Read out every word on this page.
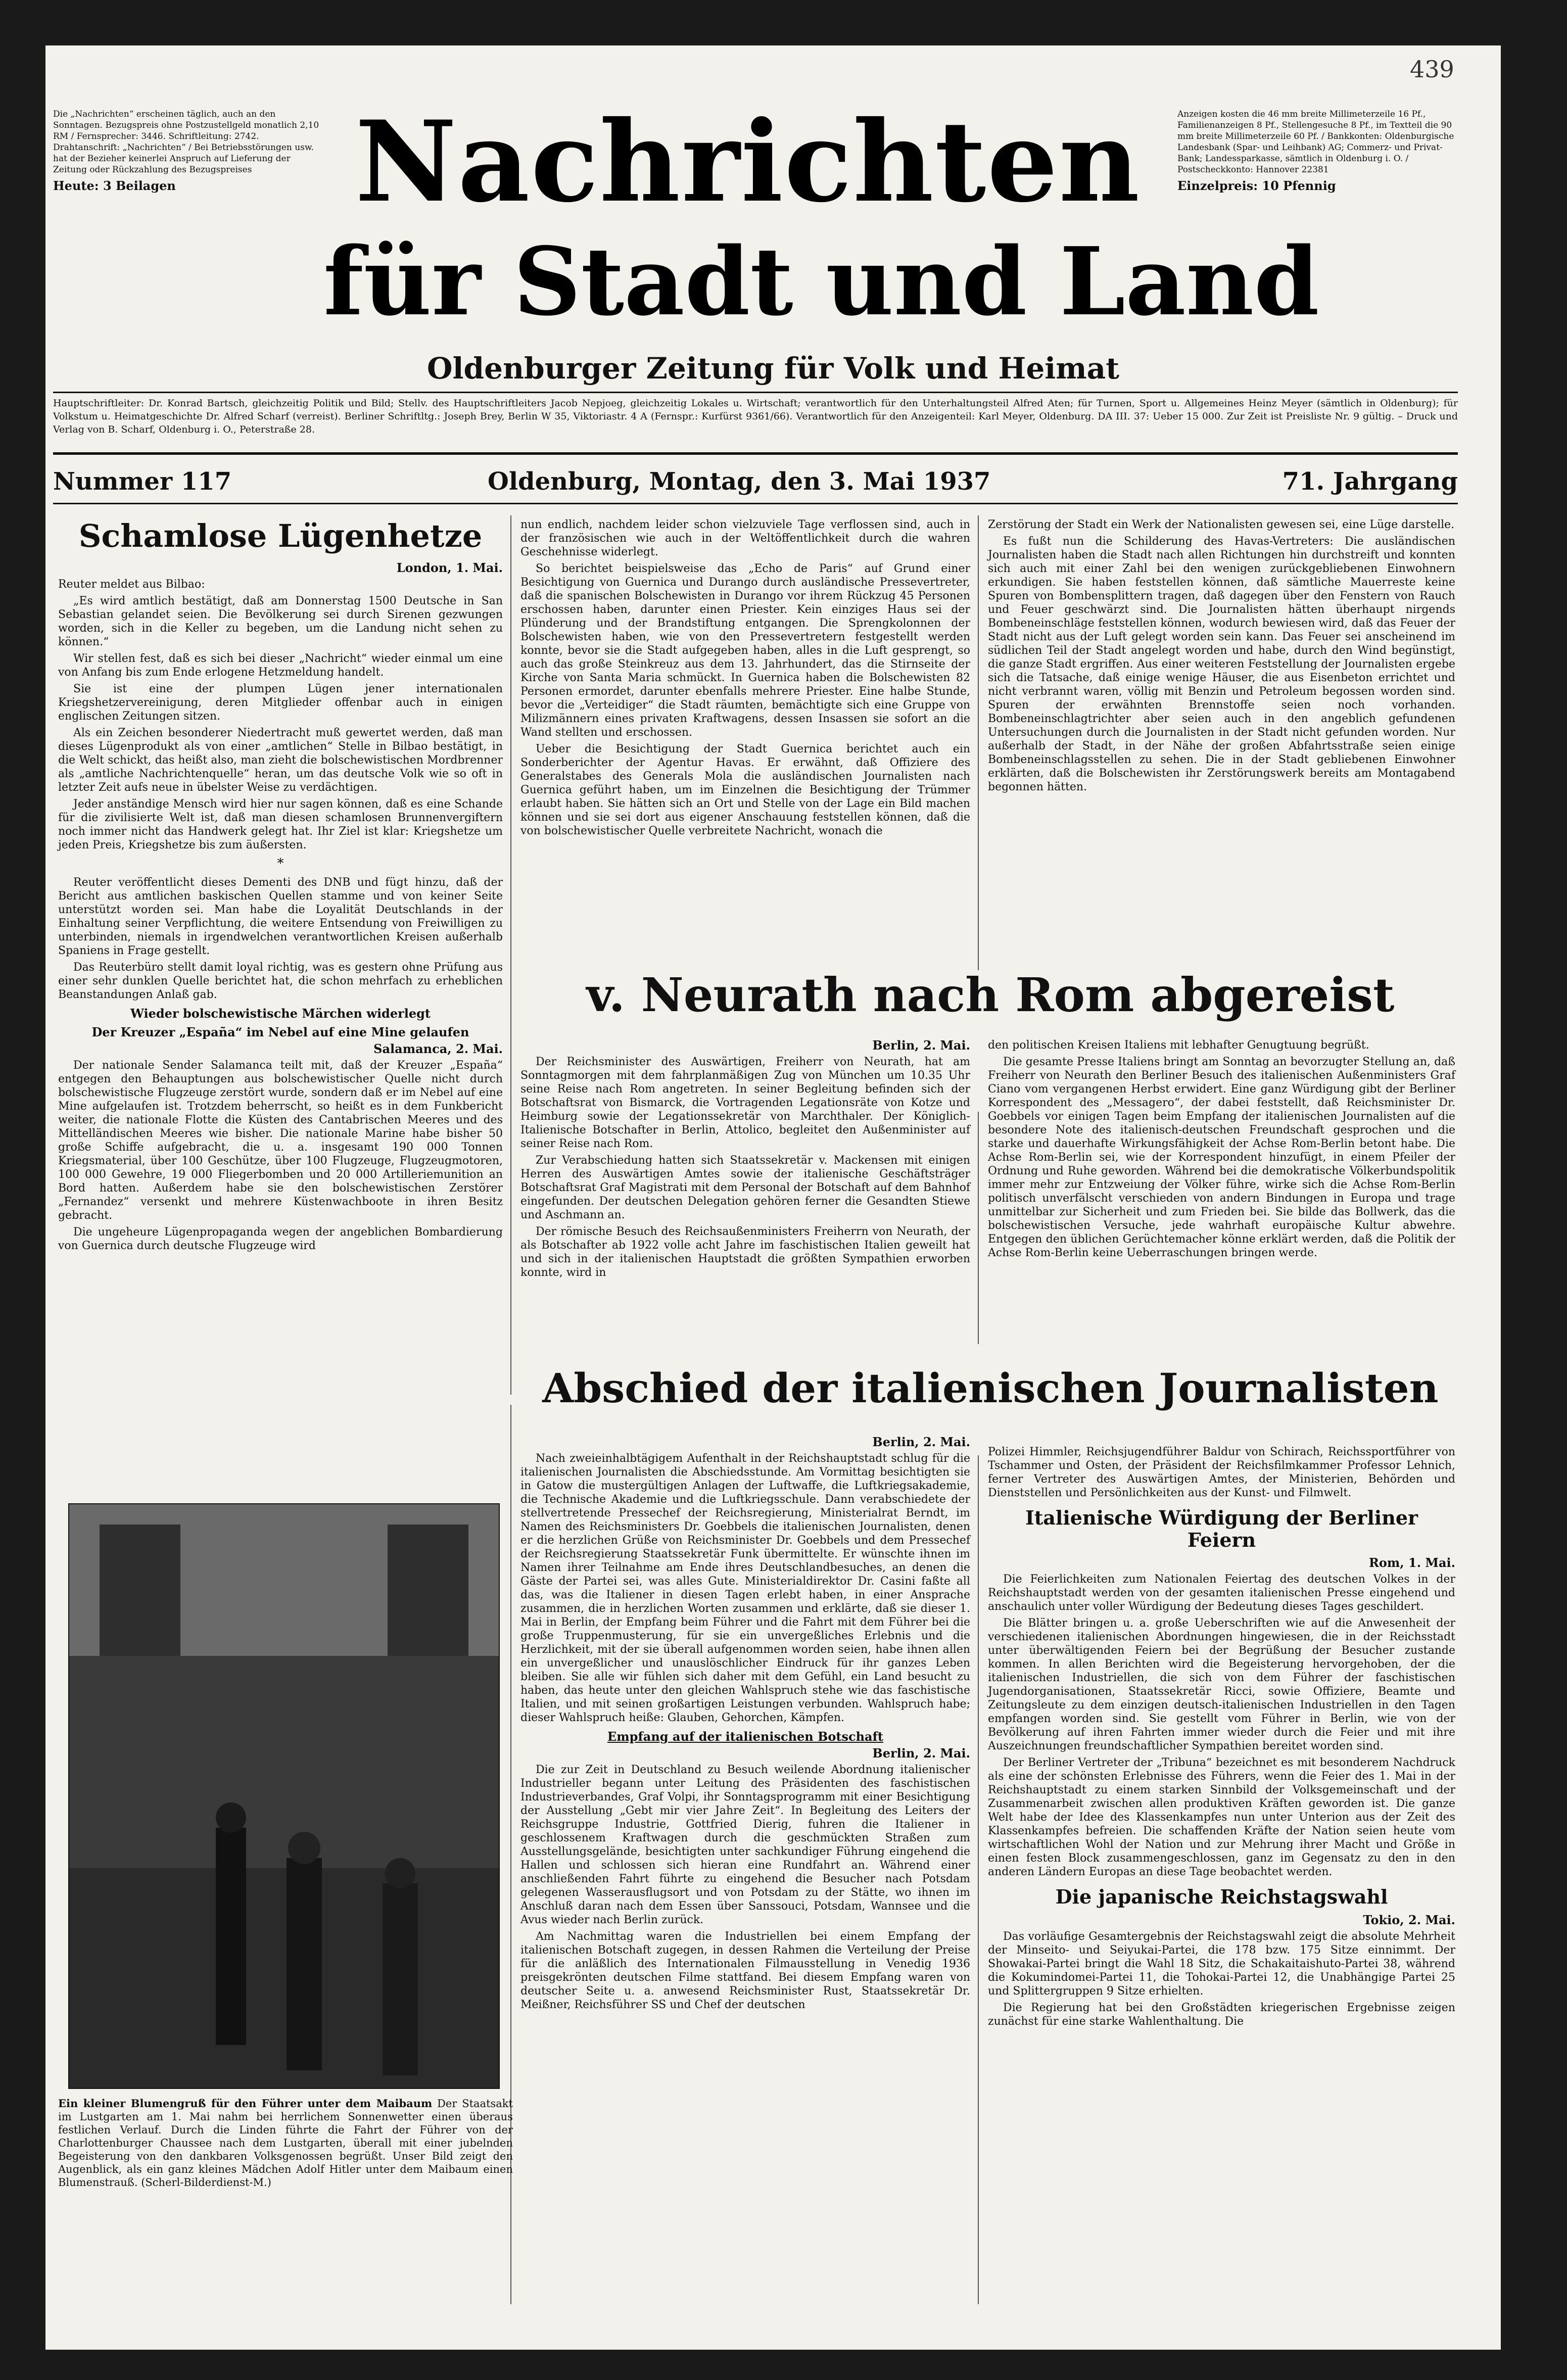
439
Die „Nachrichten“ erscheinen täglich, auch an den Sonntagen. Bezugspreis ohne Postzustellgeld monatlich 2,10 RM / Fernsprecher: 3446. Schriftleitung: 2742. Drahtanschrift: „Nachrichten“ / Bei Betriebsstörungen usw. hat der Bezieher keinerlei Anspruch auf Lieferung der Zeitung oder Rückzahlung des Bezugspreises
Heute: 3 Beilagen	Nachrichten
für Stadt und Land
Anzeigen kosten die 46 mm breite Millimeterzeile 16 Pf., Familienanzeigen 8 Pf., Stellengesuche 8 Pf., im Textteil die 90 mm breite Millimeterzeile 60 Pf. / Bankkonten: Oldenburgische Landesbank (Spar- und Leihbank) AG; Commerz- und Privat-Bank; Landessparkasse, sämtlich in Oldenburg i. O. / Postscheckkonto: Hannover 22381
Einzelpreis: 10 Pfennig
Oldenburger Zeitung für Volk und Heimat
Hauptschriftleiter: Dr. Konrad Bartsch, gleichzeitig Politik und Bild; Stellv. des Hauptschriftleiters Jacob Nepjoeg, gleichzeitig Lokales u. Wirtschaft; verantwortlich für den Unterhaltungsteil Alfred Aten; für Turnen, Sport u. Allgemeines Heinz Meyer (sämtlich in Oldenburg); für Volkstum u. Heimatgeschichte Dr. Alfred Scharf (verreist). Berliner Schriftltg.: Joseph Brey, Berlin W 35, Viktoriastr. 4 A (Fernspr.: Kurfürst 9361/66). Verantwortlich für den Anzeigenteil: Karl Meyer, Oldenburg. DA III. 37: Ueber 15 000. Zur Zeit ist Preisliste Nr. 9 gültig. – Druck und Verlag von B. Scharf, Oldenburg i. O., Peterstraße 28.
Nummer 117	Oldenburg, Montag, den 3. Mai 1937	71. Jahrgang
Schamlose Lügenhetze
London, 1. Mai.

Reuter meldet aus Bilbao:

„Es wird amtlich bestätigt, daß am Donnerstag 1500 Deutsche in San Sebastian gelandet seien. Die Bevölkerung sei durch Sirenen gezwungen worden, sich in die Keller zu begeben, um die Landung nicht sehen zu können.“

Wir stellen fest, daß es sich bei dieser „Nachricht“ wieder einmal um eine von Anfang bis zum Ende erlogene Hetzmeldung handelt.

Sie ist eine der plumpen Lügen jener internationalen Kriegshetzervereinigung, deren Mitglieder offenbar auch in einigen englischen Zeitungen sitzen.

Als ein Zeichen besonderer Niedertracht muß gewertet werden, daß man dieses Lügenprodukt als von einer „amtlichen“ Stelle in Bilbao bestätigt, in die Welt schickt, das heißt also, man zieht die bolschewistischen Mordbrenner als „amtliche Nachrichtenquelle“ heran, um das deutsche Volk wie so oft in letzter Zeit aufs neue in übelster Weise zu verdächtigen.

Jeder anständige Mensch wird hier nur sagen können, daß es eine Schande für die zivilisierte Welt ist, daß man diesen schamlosen Brunnenvergiftern noch immer nicht das Handwerk gelegt hat. Ihr Ziel ist klar: Kriegshetze um jeden Preis, Kriegshetze bis zum äußersten.

*

Reuter veröffentlicht dieses Dementi des DNB und fügt hinzu, daß der Bericht aus amtlichen baskischen Quellen stamme und von keiner Seite unterstützt worden sei. Man habe die Loyalität Deutschlands in der Einhaltung seiner Verpflichtung, die weitere Entsendung von Freiwilligen zu unterbinden, niemals in irgendwelchen verantwortlichen Kreisen außerhalb Spaniens in Frage gestellt.

Das Reuterbüro stellt damit loyal richtig, was es gestern ohne Prüfung aus einer sehr dunklen Quelle berichtet hat, die schon mehrfach zu erheblichen Beanstandungen Anlaß gab.

Wieder bolschewistische Märchen widerlegt
Der Kreuzer „España“ im Nebel auf eine Mine gelaufen
Salamanca, 2. Mai.

Der nationale Sender Salamanca teilt mit, daß der Kreuzer „España“ entgegen den Behauptungen aus bolschewistischer Quelle nicht durch bolschewistische Flugzeuge zerstört wurde, sondern daß er im Nebel auf eine Mine aufgelaufen ist. Trotzdem beherrscht, so heißt es in dem Funkbericht weiter, die nationale Flotte die Küsten des Cantabrischen Meeres und des Mittelländischen Meeres wie bisher. Die nationale Marine habe bisher 50 große Schiffe aufgebracht, die u. a. insgesamt 190 000 Tonnen Kriegsmaterial, über 100 Geschütze, über 100 Flugzeuge, Flugzeugmotoren, 100 000 Gewehre, 19 000 Fliegerbomben und 20 000 Artilleriemunition an Bord hatten. Außerdem habe sie den bolschewistischen Zerstörer „Fernandez“ versenkt und mehrere Küstenwachboote in ihren Besitz gebracht.

Die ungeheure Lügenpropaganda wegen der angeblichen Bombardierung von Guernica durch deutsche Flugzeuge wird

nun endlich, nachdem leider schon vielzuviele Tage verflossen sind, auch in der französischen wie auch in der Weltöffentlichkeit durch die wahren Geschehnisse widerlegt.

So berichtet beispielsweise das „Echo de Paris“ auf Grund einer Besichtigung von Guernica und Durango durch ausländische Pressevertreter, daß die spanischen Bolschewisten in Durango vor ihrem Rückzug 45 Personen erschossen haben, darunter einen Priester. Kein einziges Haus sei der Plünderung und der Brandstiftung entgangen. Die Sprengkolonnen der Bolschewisten haben, wie von den Pressevertretern festgestellt werden konnte, bevor sie die Stadt aufgegeben haben, alles in die Luft gesprengt, so auch das große Steinkreuz aus dem 13. Jahrhundert, das die Stirnseite der Kirche von Santa Maria schmückt. In Guernica haben die Bolschewisten 82 Personen ermordet, darunter ebenfalls mehrere Priester. Eine halbe Stunde, bevor die „Verteidiger“ die Stadt räumten, bemächtigte sich eine Gruppe von Milizmännern eines privaten Kraftwagens, dessen Insassen sie sofort an die Wand stellten und erschossen.

Ueber die Besichtigung der Stadt Guernica berichtet auch ein Sonderberichter der Agentur Havas. Er erwähnt, daß Offiziere des Generalstabes des Generals Mola die ausländischen Journalisten nach Guernica geführt haben, um im Einzelnen die Besichtigung der Trümmer erlaubt haben. Sie hätten sich an Ort und Stelle von der Lage ein Bild machen können und sie sei dort aus eigener Anschauung feststellen können, daß die von bolschewistischer Quelle verbreitete Nachricht, wonach die

Zerstörung der Stadt ein Werk der Nationalisten gewesen sei, eine Lüge darstelle.

Es fußt nun die Schilderung des Havas-Vertreters: Die ausländischen Journalisten haben die Stadt nach allen Richtungen hin durchstreift und konnten sich auch mit einer Zahl bei den wenigen zurückgebliebenen Einwohnern erkundigen. Sie haben feststellen können, daß sämtliche Mauerreste keine Spuren von Bombensplittern tragen, daß dagegen über den Fenstern von Rauch und Feuer geschwärzt sind. Die Journalisten hätten überhaupt nirgends Bombeneinschläge feststellen können, wodurch bewiesen wird, daß das Feuer der Stadt nicht aus der Luft gelegt worden sein kann. Das Feuer sei anscheinend im südlichen Teil der Stadt angelegt worden und habe, durch den Wind begünstigt, die ganze Stadt ergriffen. Aus einer weiteren Feststellung der Journalisten ergebe sich die Tatsache, daß einige wenige Häuser, die aus Eisenbeton errichtet und nicht verbrannt waren, völlig mit Benzin und Petroleum begossen worden sind. Spuren der erwähnten Brennstoffe seien noch vorhanden. Bombeneinschlagtrichter aber seien auch in den angeblich gefundenen Untersuchungen durch die Journalisten in der Stadt nicht gefunden worden. Nur außerhalb der Stadt, in der Nähe der großen Abfahrtsstraße seien einige Bombeneinschlagsstellen zu sehen. Die in der Stadt gebliebenen Einwohner erklärten, daß die Bolschewisten ihr Zerstörungswerk bereits am Montagabend begonnen hätten.

v. Neurath nach Rom abgereist
Berlin, 2. Mai.

Der Reichsminister des Auswärtigen, Freiherr von Neurath, hat am Sonntagmorgen mit dem fahrplanmäßigen Zug von München um 10.35 Uhr seine Reise nach Rom angetreten. In seiner Begleitung befinden sich der Botschaftsrat von Bismarck, die Vortragenden Legationsräte von Kotze und Heimburg sowie der Legationssekretär von Marchthaler. Der Königlich-Italienische Botschafter in Berlin, Attolico, begleitet den Außenminister auf seiner Reise nach Rom.

Zur Verabschiedung hatten sich Staatssekretär v. Mackensen mit einigen Herren des Auswärtigen Amtes sowie der italienische Geschäftsträger Botschaftsrat Graf Magistrati mit dem Personal der Botschaft auf dem Bahnhof eingefunden. Der deutschen Delegation gehören ferner die Gesandten Stiewe und Aschmann an.

Der römische Besuch des Reichsaußenministers Freiherrn von Neurath, der als Botschafter ab 1922 volle acht Jahre im faschistischen Italien geweilt hat und sich in der italienischen Hauptstadt die größten Sympathien erworben konnte, wird in

den politischen Kreisen Italiens mit lebhafter Genugtuung begrüßt.

Die gesamte Presse Italiens bringt am Sonntag an bevorzugter Stellung an, daß Freiherr von Neurath den Berliner Besuch des italienischen Außenministers Graf Ciano vom vergangenen Herbst erwidert. Eine ganz Würdigung gibt der Berliner Korrespondent des „Messagero“, der dabei feststellt, daß Reichsminister Dr. Goebbels vor einigen Tagen beim Empfang der italienischen Journalisten auf die besondere Note des italienisch-deutschen Freundschaft gesprochen und die starke und dauerhafte Wirkungsfähigkeit der Achse Rom-Berlin betont habe. Die Achse Rom-Berlin sei, wie der Korrespondent hinzufügt, in einem Pfeiler der Ordnung und Ruhe geworden. Während bei die demokratische Völkerbundspolitik immer mehr zur Entzweiung der Völker führe, wirke sich die Achse Rom-Berlin politisch unverfälscht verschieden von andern Bindungen in Europa und trage unmittelbar zur Sicherheit und zum Frieden bei. Sie bilde das Bollwerk, das die bolschewistischen Versuche, jede wahrhaft europäische Kultur abwehre. Entgegen den üblichen Gerüchtemacher könne erklärt werden, daß die Politik der Achse Rom-Berlin keine Ueberraschungen bringen werde.

Abschied der italienischen Journalisten
Berlin, 2. Mai.

Nach zweieinhalbtägigem Aufenthalt in der Reichshauptstadt schlug für die italienischen Journalisten die Abschiedsstunde. Am Vormittag besichtigten sie in Gatow die mustergültigen Anlagen der Luftwaffe, die Luftkriegsakademie, die Technische Akademie und die Luftkriegsschule. Dann verabschiedete der stellvertretende Pressechef der Reichsregierung, Ministerialrat Berndt, im Namen des Reichsministers Dr. Goebbels die italienischen Journalisten, denen er die herzlichen Grüße von Reichsminister Dr. Goebbels und dem Pressechef der Reichsregierung Staatssekretär Funk übermittelte. Er wünschte ihnen im Namen ihrer Teilnahme am Ende ihres Deutschlandbesuches, an denen die Gäste der Partei sei, was alles Gute. Ministerialdirektor Dr. Casini faßte all das, was die Italiener in diesen Tagen erlebt haben, in einer Ansprache zusammen, die in herzlichen Worten zusammen und erklärte, daß sie dieser 1. Mai in Berlin, der Empfang beim Führer und die Fahrt mit dem Führer bei die große Truppenmusterung, für sie ein unvergeßliches Erlebnis und die Herzlichkeit, mit der sie überall aufgenommen worden seien, habe ihnen allen ein unvergeßlicher und unauslöschlicher Eindruck für ihr ganzes Leben bleiben. Sie alle wir fühlen sich daher mit dem Gefühl, ein Land besucht zu haben, das heute unter den gleichen Wahlspruch stehe wie das faschistische Italien, und mit seinen großartigen Leistungen verbunden. Wahlspruch habe; dieser Wahlspruch heiße: Glauben, Gehorchen, Kämpfen.

Empfang auf der italienischen Botschaft
Berlin, 2. Mai.

Die zur Zeit in Deutschland zu Besuch weilende Abordnung italienischer Industrieller begann unter Leitung des Präsidenten des faschistischen Industrieverbandes, Graf Volpi, ihr Sonntagsprogramm mit einer Besichtigung der Ausstellung „Gebt mir vier Jahre Zeit“. In Begleitung des Leiters der Reichsgruppe Industrie, Gottfried Dierig, fuhren die Italiener in geschlossenem Kraftwagen durch die geschmückten Straßen zum Ausstellungsgelände, besichtigten unter sachkundiger Führung eingehend die Hallen und schlossen sich hieran eine Rundfahrt an. Während einer anschließenden Fahrt führte zu eingehend die Besucher nach Potsdam gelegenen Wasserausflugsort und von Potsdam zu der Stätte, wo ihnen im Anschluß daran nach dem Essen über Sanssouci, Potsdam, Wannsee und die Avus wieder nach Berlin zurück.

Am Nachmittag waren die Industriellen bei einem Empfang der italienischen Botschaft zugegen, in dessen Rahmen die Verteilung der Preise für die anläßlich des Internationalen Filmausstellung in Venedig 1936 preisgekrönten deutschen Filme stattfand. Bei diesem Empfang waren von deutscher Seite u. a. anwesend Reichsminister Rust, Staatssekretär Dr. Meißner, Reichsführer SS und Chef der deutschen

Polizei Himmler, Reichsjugendführer Baldur von Schirach, Reichssportführer von Tschammer und Osten, der Präsident der Reichsfilmkammer Professor Lehnich, ferner Vertreter des Auswärtigen Amtes, der Ministerien, Behörden und Dienststellen und Persönlichkeiten aus der Kunst- und Filmwelt.

Italienische Würdigung der Berliner Feiern
Rom, 1. Mai.

Die Feierlichkeiten zum Nationalen Feiertag des deutschen Volkes in der Reichshauptstadt werden von der gesamten italienischen Presse eingehend und anschaulich unter voller Würdigung der Bedeutung dieses Tages geschildert.

Die Blätter bringen u. a. große Ueberschriften wie auf die Anwesenheit der verschiedenen italienischen Abordnungen hingewiesen, die in der Reichsstadt unter überwältigenden Feiern bei der Begrüßung der Besucher zustande kommen. In allen Berichten wird die Begeisterung hervorgehoben, der die italienischen Industriellen, die sich von dem Führer der faschistischen Jugendorganisationen, Staatssekretär Ricci, sowie Offiziere, Beamte und Zeitungsleute zu dem einzigen deutsch-italienischen Industriellen in den Tagen empfangen worden sind. Sie gestellt vom Führer in Berlin, wie von der Bevölkerung auf ihren Fahrten immer wieder durch die Feier und mit ihre Auszeichnungen freundschaftlicher Sympathien bereitet worden sind.

Der Berliner Vertreter der „Tribuna“ bezeichnet es mit besonderem Nachdruck als eine der schönsten Erlebnisse des Führers, wenn die Feier des 1. Mai in der Reichshauptstadt zu einem starken Sinnbild der Volksgemeinschaft und der Zusammenarbeit zwischen allen produktiven Kräften geworden ist. Die ganze Welt habe der Idee des Klassenkampfes nun unter Unterion aus der Zeit des Klassenkampfes befreien. Die schaffenden Kräfte der Nation seien heute vom wirtschaftlichen Wohl der Nation und zur Mehrung ihrer Macht und Größe in einen festen Block zusammengeschlossen, ganz im Gegensatz zu den in den anderen Ländern Europas an diese Tage beobachtet werden.

Die japanische Reichstagswahl
Tokio, 2. Mai.

Das vorläufige Gesamtergebnis der Reichstagswahl zeigt die absolute Mehrheit der Minseito- und Seiyukai-Partei, die 178 bzw. 175 Sitze einnimmt. Der Showakai-Partei bringt die Wahl 18 Sitz, die Schakaitaishuto-Partei 38, während die Kokumindomei-Partei 11, die Tohokai-Partei 12, die Unabhängige Partei 25 und Splittergruppen 9 Sitze erhielten.

Die Regierung hat bei den Großstädten kriegerischen Ergebnisse zeigen zunächst für eine starke Wahlenthaltung. Die

Ein kleiner Blumengruß für den Führer unter dem Maibaum Der Staatsakt im Lustgarten am 1. Mai nahm bei herrlichem Sonnenwetter einen überaus festlichen Verlauf. Durch die Linden führte die Fahrt der Führer von der Charlottenburger Chaussee nach dem Lustgarten, überall mit einer jubelnden Begeisterung von den dankbaren Volksgenossen begrüßt. Unser Bild zeigt den Augenblick, als ein ganz kleines Mädchen Adolf Hitler unter dem Maibaum einen Blumenstrauß. (Scherl-Bilderdienst-M.)
